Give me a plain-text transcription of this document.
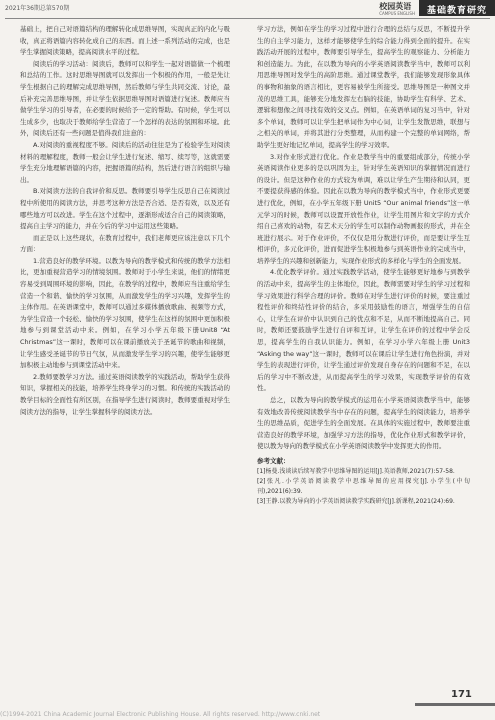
2021年36期总第570期	校园英语
CAMPUS ENGLISH	基础教育研究

基础上，把自己对语篇结构的理解转化成思维导图，实现真正的内化与吸收，真正将语篇内容转化成自己的东西。而上述一系列活动的完成，也是学生掌握阅读策略，提高阅读水平的过程。

阅读后的学习活动：阅读后，教师可以和学生一起对语篇做一个梳理和总结的工作。这时思维导图就可以发挥出一个积极的作用，一般是先让学生根据自己的理解完成思维导图，然后教师与学生共同交流、讨论，最后补充完善思维导图，并让学生依据思维导图对语篇进行复述。教师应当做学生学习的引导者，在必要的时候给予一定的帮助。有时候，学生可以生成多少，也取决于教师给学生营造了一个怎样的表达的氛围和环境。此外，阅读后还有一些问题是值得我们注意的：

A.对阅读的重视程度不够。阅读后的活动往往是为了检验学生对阅读材料的理解程度，教师一般会让学生进行复述、缩写、续写等，这就需要学生充分地理解语篇的内容，把握语篇的结构，然后进行语言的组织与输出。

B.对阅读方法的自我评价和反思。教师要引导学生反思自己在阅读过程中所使用的阅读方法，并思考这种方法是否合适、是否有效，以及还有哪些地方可以改进。学生在这个过程中，逐渐形成适合自己的阅读策略，提高自主学习的能力，并在今后的学习中运用这些策略。

而正是以上这些现状，在教育过程中，我们老师更应该注意以下几个方面：

1.营造良好的教学环境。以教为导向的教学模式和传统的教学方法相比，更加重视营造学习的情境氛围。教师对于小学生来说，他们的情绪更容易受到周围环境的影响，因此，在教学的过程中，教师应当注重给学生营造一个和谐、愉快的学习氛围，从而激发学生的学习兴趣，发挥学生的主体作用。在英语课堂中，教师可以通过多媒体播放歌曲、视频等方式，为学生营造一个轻松、愉快的学习氛围，使学生在这样的氛围中更加积极地参与到课堂活动中来。例如，在学习小学五年级下册Unit8 “At Christmas”这一课时，教师可以在课前播放关于圣诞节的歌曲和视频，让学生感受圣诞节的节日气氛，从而激发学生学习的兴趣，使学生能够更加积极主动地参与到课堂活动中来。

2.教师要教学习方法。通过英语阅读教学的实践活动，帮助学生获得知识，掌握相关的技能，培养学生终身学习的习惯。和传统的实践活动的教学目标的全面性有所区别，在指导学生进行阅读时，教师要重视对学生阅读方法的指导，让学生掌握科学的阅读方法。

学习方法，例如在学生的学习过程中进行合理的总结与反思，不断提升学生的自主学习能力，这样才能够使学生的综合能力得到全面的提升。在实践活动开展的过程中，教师要引导学生，提高学生的观察能力、分析能力和创造能力。为此，在以教为导向的小学英语阅读教学当中，教师可以利用思维导图对发学生的高阶思维。通过课堂教学，我们能够发现形象具体的事物和抽象的语言相比，更容易被学生所接受。思维导图是一种图文并茂的思维工具，能够充分地发挥左右脑的技能，协助学生有科学、艺术、逻辑和想像之间寻找有效的交叉点。例如，在英语单词的复习当中，针对多个单词，教师可以让学生把单词作为中心词，让学生发散思维，联想与之相关的单词，并将其进行分类整理，从而构建一个完整的单词网络，帮助学生更好地记忆单词，提高学生的学习效率。

3.对作业形式进行优化。作业是教学当中的重要组成部分，传统小学英语阅读作业更多的是以巩固为主，针对学生英语知识的掌握情况而进行的设计。但是这种作业的方式较为单调，难以让学生产生期待和认同，更不要提获得感的体验。因此在以教为导向的教学模式当中，作业形式更要进行优化，例如，在小学五年级下册 Unit5 “Our animal friends”这一单元学习的时候，教师可以设置开放性作业，让学生用图片和文字的方式介绍自己喜欢的动物，有艺术天分的学生可以制作动物画报的形式，并在全班进行展示。对于作业评价，不仅仅是用分数进行评价，而是要让学生互相评价，多元化评价，进而促进学生积极地参与到英语作业的完成当中，培养学生的兴趣和创新能力，实现作业形式的多样化与学生的全面发展。

4.优化教学评价。通过实践教学活动，使学生能够更好地参与到教学的活动中来，提高学生的主体地位，因此，教师需要对学生的学习过程和学习效果进行科学合理的评价。教师在对学生进行评价的时候，要注重过程性评价和终结性评价的结合，多采用鼓励性的语言，增强学生的自信心，让学生在评价中认识到自己的优点和不足，从而不断地提高自己。同时，教师还要鼓励学生进行自评和互评，让学生在评价的过程中学会反思，提高学生的自我认识能力。例如，在学习小学六年级上册 Unit3 “Asking the way”这一课时，教师可以在课后让学生进行角色扮演，并对学生的表现进行评价，让学生通过评价发现自身存在的问题和不足，在以后的学习中不断改进，从而提高学生的学习效果，实现教学评价的有效性。

总之，以教为导向的教学模式的运用在小学英语阅读教学当中，能够有效地改善传统阅读教学当中存在的问题，提高学生的阅读能力，培养学生的思维品质，促进学生的全面发展。在具体的实施过程中，教师要注重营造良好的教学环境，加强学习方法的指导，优化作业形式和教学评价，使以教为导向的教学模式在小学英语阅读教学中发挥更大的作用。

参考文献：

[1]杨曼.浅谈读后续写教学中思维导图的运用[J].英语教师,2021(7):57-58.

[2]张凡.小学英语阅读教学中思维导图的应用探究[J].小学生(中旬刊),2021(6):39.

[3]王静.以教为导向的小学英语阅读教学实践研究[J].新课程,2021(24):69.

171
(C)1994-2021 China Academic Journal Electronic Publishing House. All rights reserved. http://www.cnki.net
